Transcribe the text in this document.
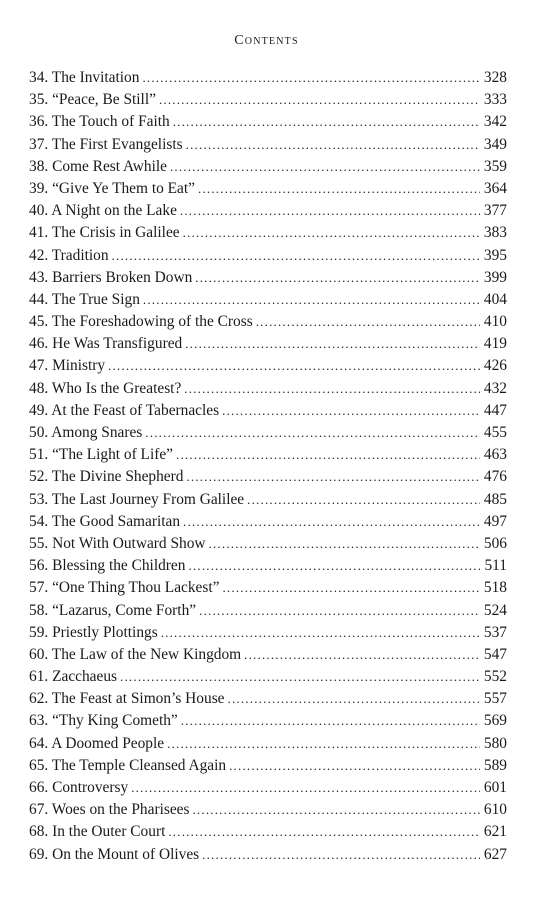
Contents
34. The Invitation .....	328
35. “Peace, Be Still” .....	333
36. The Touch of Faith .....	342
37. The First Evangelists .....	349
38. Come Rest Awhile .....	359
39. “Give Ye Them to Eat” .....	364
40. A Night on the Lake .....	377
41. The Crisis in Galilee .....	383
42. Tradition .....	395
43. Barriers Broken Down .....	399
44. The True Sign .....	404
45. The Foreshadowing of the Cross .....	410
46. He Was Transfigured .....	419
47. Ministry .....	426
48. Who Is the Greatest? .....	432
49. At the Feast of Tabernacles .....	447
50. Among Snares .....	455
51. “The Light of Life” .....	463
52. The Divine Shepherd .....	476
53. The Last Journey From Galilee .....	485
54. The Good Samaritan .....	497
55. Not With Outward Show .....	506
56. Blessing the Children .....	511
57. “One Thing Thou Lackest” .....	518
58. “Lazarus, Come Forth” .....	524
59. Priestly Plottings .....	537
60. The Law of the New Kingdom .....	547
61. Zacchaeus .....	552
62. The Feast at Simon’s House .....	557
63. “Thy King Cometh” .....	569
64. A Doomed People .....	580
65. The Temple Cleansed Again .....	589
66. Controversy .....	601
67. Woes on the Pharisees .....	610
68. In the Outer Court .....	621
69. On the Mount of Olives .....	627
